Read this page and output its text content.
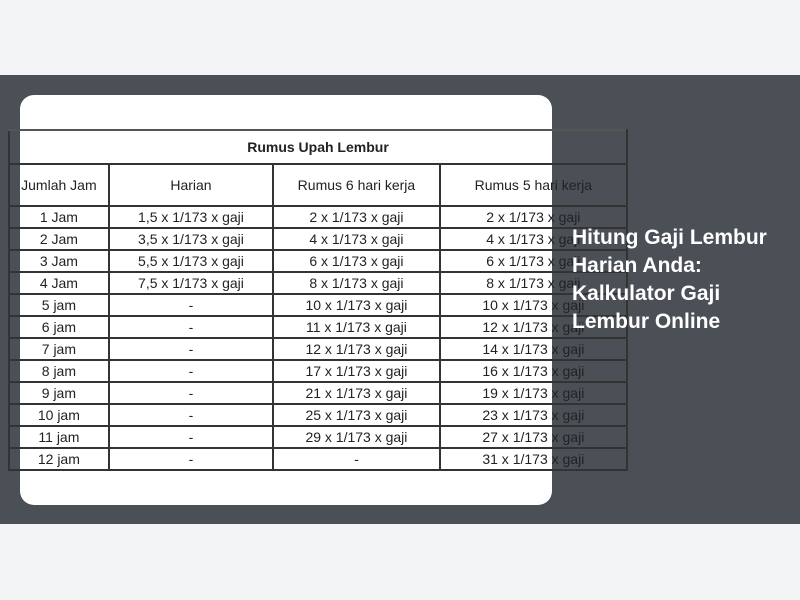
Rumus Upah Lembur			
Jumlah Jam	Harian	Rumus 6 hari kerja	Rumus 5 hari kerja
1 Jam	1,5 x 1/173 x gaji	2 x 1/173 x gaji	2 x 1/173 x gaji
2 Jam	3,5 x 1/173 x gaji	4 x 1/173 x gaji	4 x 1/173 x gaji
3 Jam	5,5 x 1/173 x gaji	6 x 1/173 x gaji	6 x 1/173 x gaji
4 Jam	7,5 x 1/173 x gaji	8 x 1/173 x gaji	8 x 1/173 x gaji
5 jam	-	10 x 1/173 x gaji	10 x 1/173 x gaji
6 jam	-	11 x 1/173 x gaji	12 x 1/173 x gaji
7 jam	-	12 x 1/173 x gaji	14 x 1/173 x gaji
8 jam	-	17 x 1/173 x gaji	16 x 1/173 x gaji
9 jam	-	21 x 1/173 x gaji	19 x 1/173 x gaji
10 jam	-	25 x 1/173 x gaji	23 x 1/173 x gaji
11 jam	-	29 x 1/173 x gaji	27 x 1/173 x gaji
12 jam	-	-	31 x 1/173 x gaji
Hitung Gaji Lembur Harian Anda: Kalkulator Gaji Lembur Online
